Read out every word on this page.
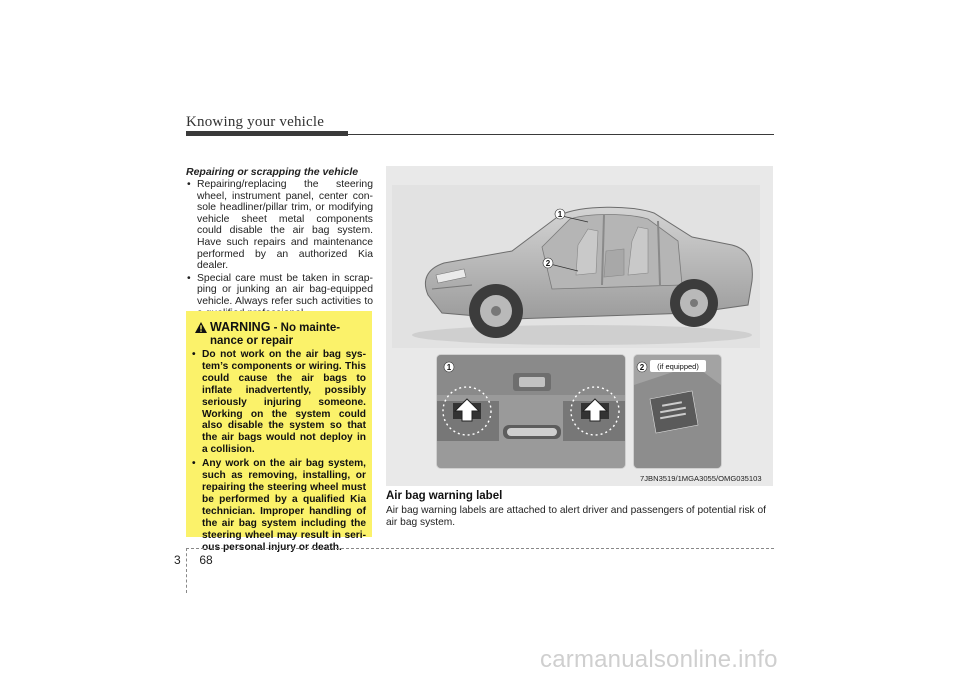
Knowing your vehicle
Repairing or scrapping the vehicle
• Repairing/replacing the steering wheel, instrument panel, center con- sole headliner/pillar trim, or modifying vehicle sheet metal components could disable the air bag system. Have such repairs and maintenance performed by an authorized Kia dealer.
• Special care must be taken in scrap- ping or junking an air bag-equipped vehicle. Always refer such activities to
WARNING - No mainte- nance or repair
• Do not work on the air bag sys- tem’s components or wiring. This could cause the air bags to inflate inadvertently, possibly seriously injuring someone. Working on the system could also disable the system so that the air bags would not deploy in a collision.
• Any work on the air bag system, such as removing, installing, or repairing the steering wheel must be performed by a qualified Kia technician. Improper handling of the air bag system including the steering wheel may result in seri- ous personal injury or death.
1
2
1	2 (if equipped)
7JBN3519/1MGA3055/OMG035103
Air bag warning label
Air bag warning labels are attached to alert driver and passengers of potential risk of air bag system.
3 68
carmanualsonline.info
